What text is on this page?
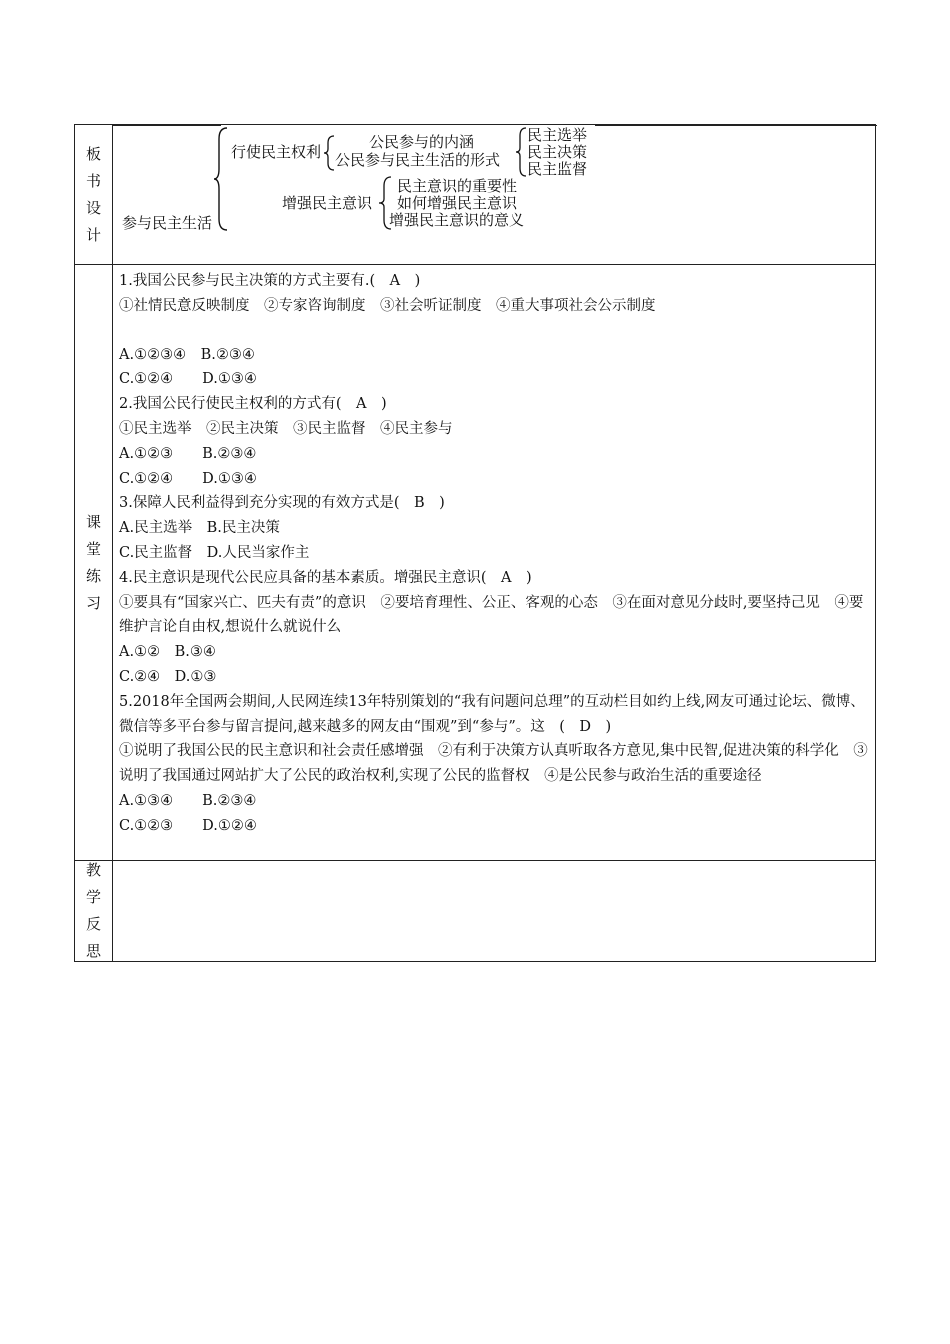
板
书
设
计
参与民主生活
行使民主权利
公民参与的内涵
公民参与民主生活的形式
民主选举
民主决策
民主监督
增强民主意识
民主意识的重要性
如何增强民主意识
增强民主意识的意义
课
堂
练
习
1.我国公民参与民主决策的方式主要有.(　A　)
①社情民意反映制度　②专家咨询制度　③社会听证制度　④重大事项社会公示制度
A.①②③④　B.②③④
C.①②④　　D.①③④
2.我国公民行使民主权利的方式有(　A　)
①民主选举　②民主决策　③民主监督　④民主参与
A.①②③　　B.②③④
C.①②④　　D.①③④
3.保障人民利益得到充分实现的有效方式是(　B　)
A.民主选举　B.民主决策
C.民主监督　D.人民当家作主
4.民主意识是现代公民应具备的基本素质。增强民主意识(　A　)
①要具有“国家兴亡、匹夫有责”的意识　②要培育理性、公正、客观的心态　③在面对意见分歧时,要坚持己见　④要维护言论自由权,想说什么就说什么
A.①②　B.③④
C.②④　D.①③
5.2018年全国两会期间,人民网连续13年特别策划的“我有问题问总理”的互动栏目如约上线,网友可通过论坛、微博、微信等多平台参与留言提问,越来越多的网友由“围观”到“参与”。这　(　D　)
①说明了我国公民的民主意识和社会责任感增强　②有利于决策方认真听取各方意见,集中民智,促进决策的科学化　③说明了我国通过网站扩大了公民的政治权利,实现了公民的监督权　④是公民参与政治生活的重要途径
A.①③④　　B.②③④
C.①②③　　D.①②④
教
学
反
思
